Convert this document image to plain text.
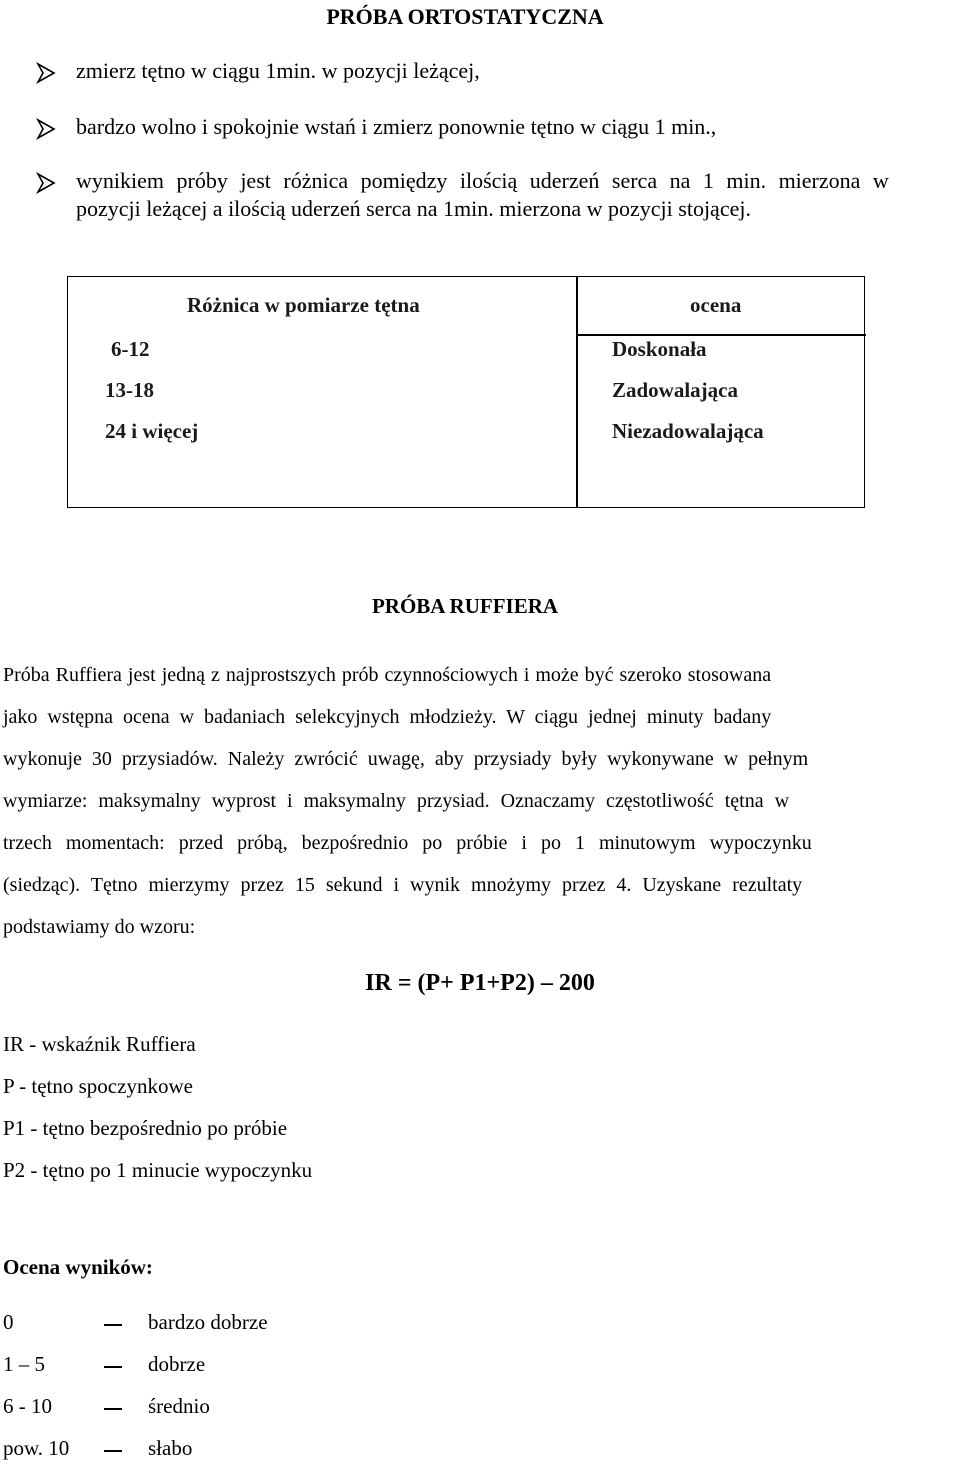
PRÓBA ORTOSTATYCZNA
zmierz tętno w ciągu 1min. w pozycji leżącej,
bardzo wolno i spokojnie wstań i zmierz ponownie tętno w ciągu 1 min.,
wynikiem próby jest różnica pomiędzy ilością uderzeń serca na 1 min. mierzona w
pozycji leżącej a ilością uderzeń serca na 1min. mierzona w pozycji stojącej.
Różnica w pomiarze tętna	ocena
6-12	Doskonała
13-18	Zadowalająca
24 i więcej	Niezadowalająca
PRÓBA RUFFIERA
Próba Ruffiera jest jedną z najprostszych prób czynnościowych i może być szeroko stosowana
jako wstępna ocena w badaniach selekcyjnych młodzieży. W ciągu jednej minuty badany
wykonuje 30 przysiadów. Należy zwrócić uwagę, aby przysiady były wykonywane w pełnym
wymiarze: maksymalny wyprost i maksymalny przysiad. Oznaczamy częstotliwość tętna w
trzech momentach: przed próbą, bezpośrednio po próbie i po 1 minutowym wypoczynku
(siedząc). Tętno mierzymy przez 15 sekund i wynik mnożymy przez 4. Uzyskane rezultaty
podstawiamy do wzoru:
IR = (P+ P1+P2) – 200
IR - wskaźnik Ruffiera
P - tętno spoczynkowe
P1 - tętno bezpośrednio po próbie
P2 - tętno po 1 minucie wypoczynku
Ocena wyników:
0	bardzo dobrze
1 – 5	dobrze
6 - 10	średnio
pow. 10	słabo
